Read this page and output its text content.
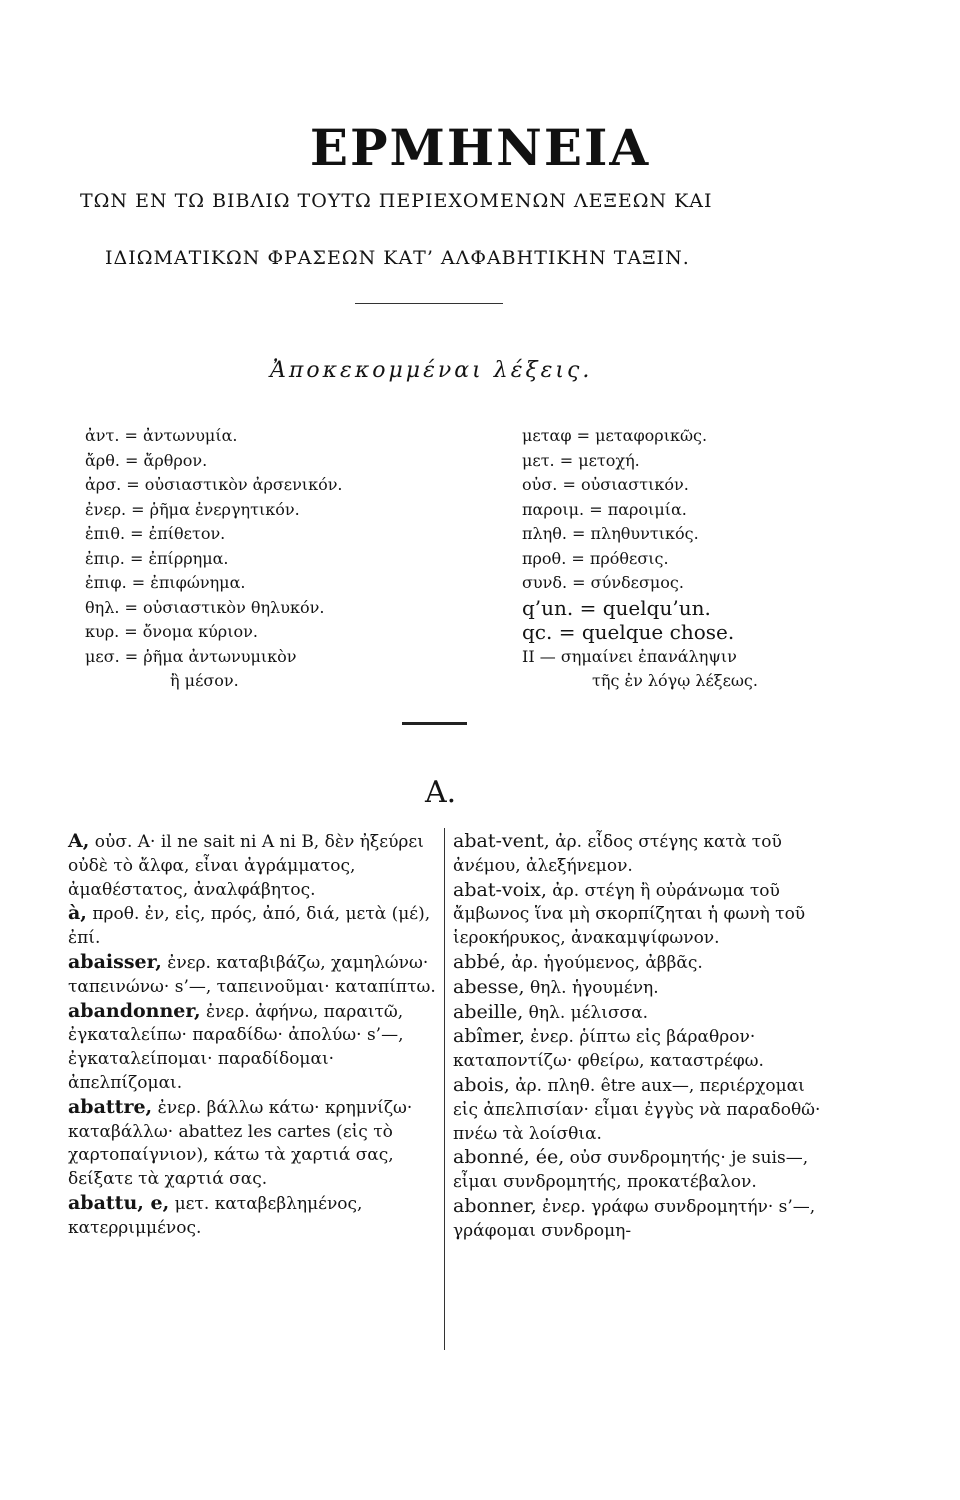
ΕΡΜΗΝΕΙΑ
ΤΩΝ ΕΝ ΤΩ ΒΙΒΛΙΩ ΤΟΥΤΩ ΠΕΡΙΕΧΟΜΕΝΩΝ ΛΕΞΕΩΝ ΚΑΙ
ΙΔΙΩΜΑΤΙΚΩΝ ΦΡΑΣΕΩΝ ΚΑΤ’ ΑΛΦΑΒΗΤΙΚΗΝ ΤΑΞΙΝ.
Ἀποκεκομμέναι λέξεις.
ἀντ. = ἀντωνυμία.
ἄρθ. = ἄρθρον.
ἀρσ. = οὐσιαστικὸν ἀρσενικόν.
ἐνερ. = ῥῆμα ἐνεργητικόν.
ἐπιθ. = ἐπίθετον.
ἐπιρ. = ἐπίρρημα.
ἐπιφ. = ἐπιφώνημα.
θηλ. = οὐσιαστικὸν θηλυκόν.
κυρ. = ὄνομα κύριον.
μεσ. = ῥῆμα ἀντωνυμικὸν
ἢ μέσον.
μεταφ = μεταφορικῶς.
μετ. = μετοχή.
οὐσ. = οὐσιαστικόν.
παροιμ. = παροιμία.
πληθ. = πληθυντικός.
προθ. = πρόθεσις.
συνδ. = σύνδεσμος.
q’un. = quelqu’un.
qc. = quelque chose.
II — σημαίνει ἐπανάληψιν
τῆς ἐν λόγῳ λέξεως.
A.

A, οὐσ. A· il ne sait ni A ni B, δὲν ἠξεύρει οὐδὲ τὸ ἄλφα, εἶναι ἀγράμματος, ἀμαθέστατος, ἀναλφάβητος.

à, προθ. ἐν, εἰς, πρός, ἀπό, διά, μετὰ (μέ), ἐπί.

abaisser, ἐνερ. καταβιβάζω, χαμηλώνω· ταπεινώνω· s’—, ταπεινοῦμαι· καταπίπτω.

abandonner, ἐνερ. ἀφήνω, παραιτῶ, ἐγκαταλείπω· παραδίδω· ἀπολύω· s’—, ἐγκαταλείπομαι· παραδίδομαι· ἀπελπίζομαι.

abattre, ἐνερ. βάλλω κάτω· κρημνίζω· καταβάλλω· abattez les cartes (εἰς τὸ χαρτοπαίγνιον), κάτω τὰ χαρτιά σας, δείξατε τὰ χαρτιά σας.

abattu, e, μετ. καταβεβλημένος, κατερριμμένος.

abat-vent, ἀρ. εἶδος στέγης κατὰ τοῦ ἀνέμου, ἀλεξήνεμον.

abat-voix, ἀρ. στέγη ἢ οὐράνωμα τοῦ ἄμβωνος ἵνα μὴ σκορπίζηται ἡ φωνὴ τοῦ ἱεροκήρυκος, ἀνακαμψίφωνον.

abbé, ἀρ. ἡγούμενος, ἀββᾶς.

abesse, θηλ. ἡγουμένη.

abeille, θηλ. μέλισσα.

abîmer, ἐνερ. ῥίπτω εἰς βάραθρον· καταποντίζω· φθείρω, καταστρέφω.

abois, ἀρ. πληθ. être aux—, περιέρχομαι εἰς ἀπελπισίαν· εἶμαι ἐγγὺς νὰ παραδοθῶ· πνέω τὰ λοίσθια.

abonné, ée, οὐσ συνδρομητής· je suis—, εἶμαι συνδρομητής, προκατέβαλον.

abonner, ἐνερ. γράφω συνδρομητήν· s’—, γράφομαι συνδρομη-
